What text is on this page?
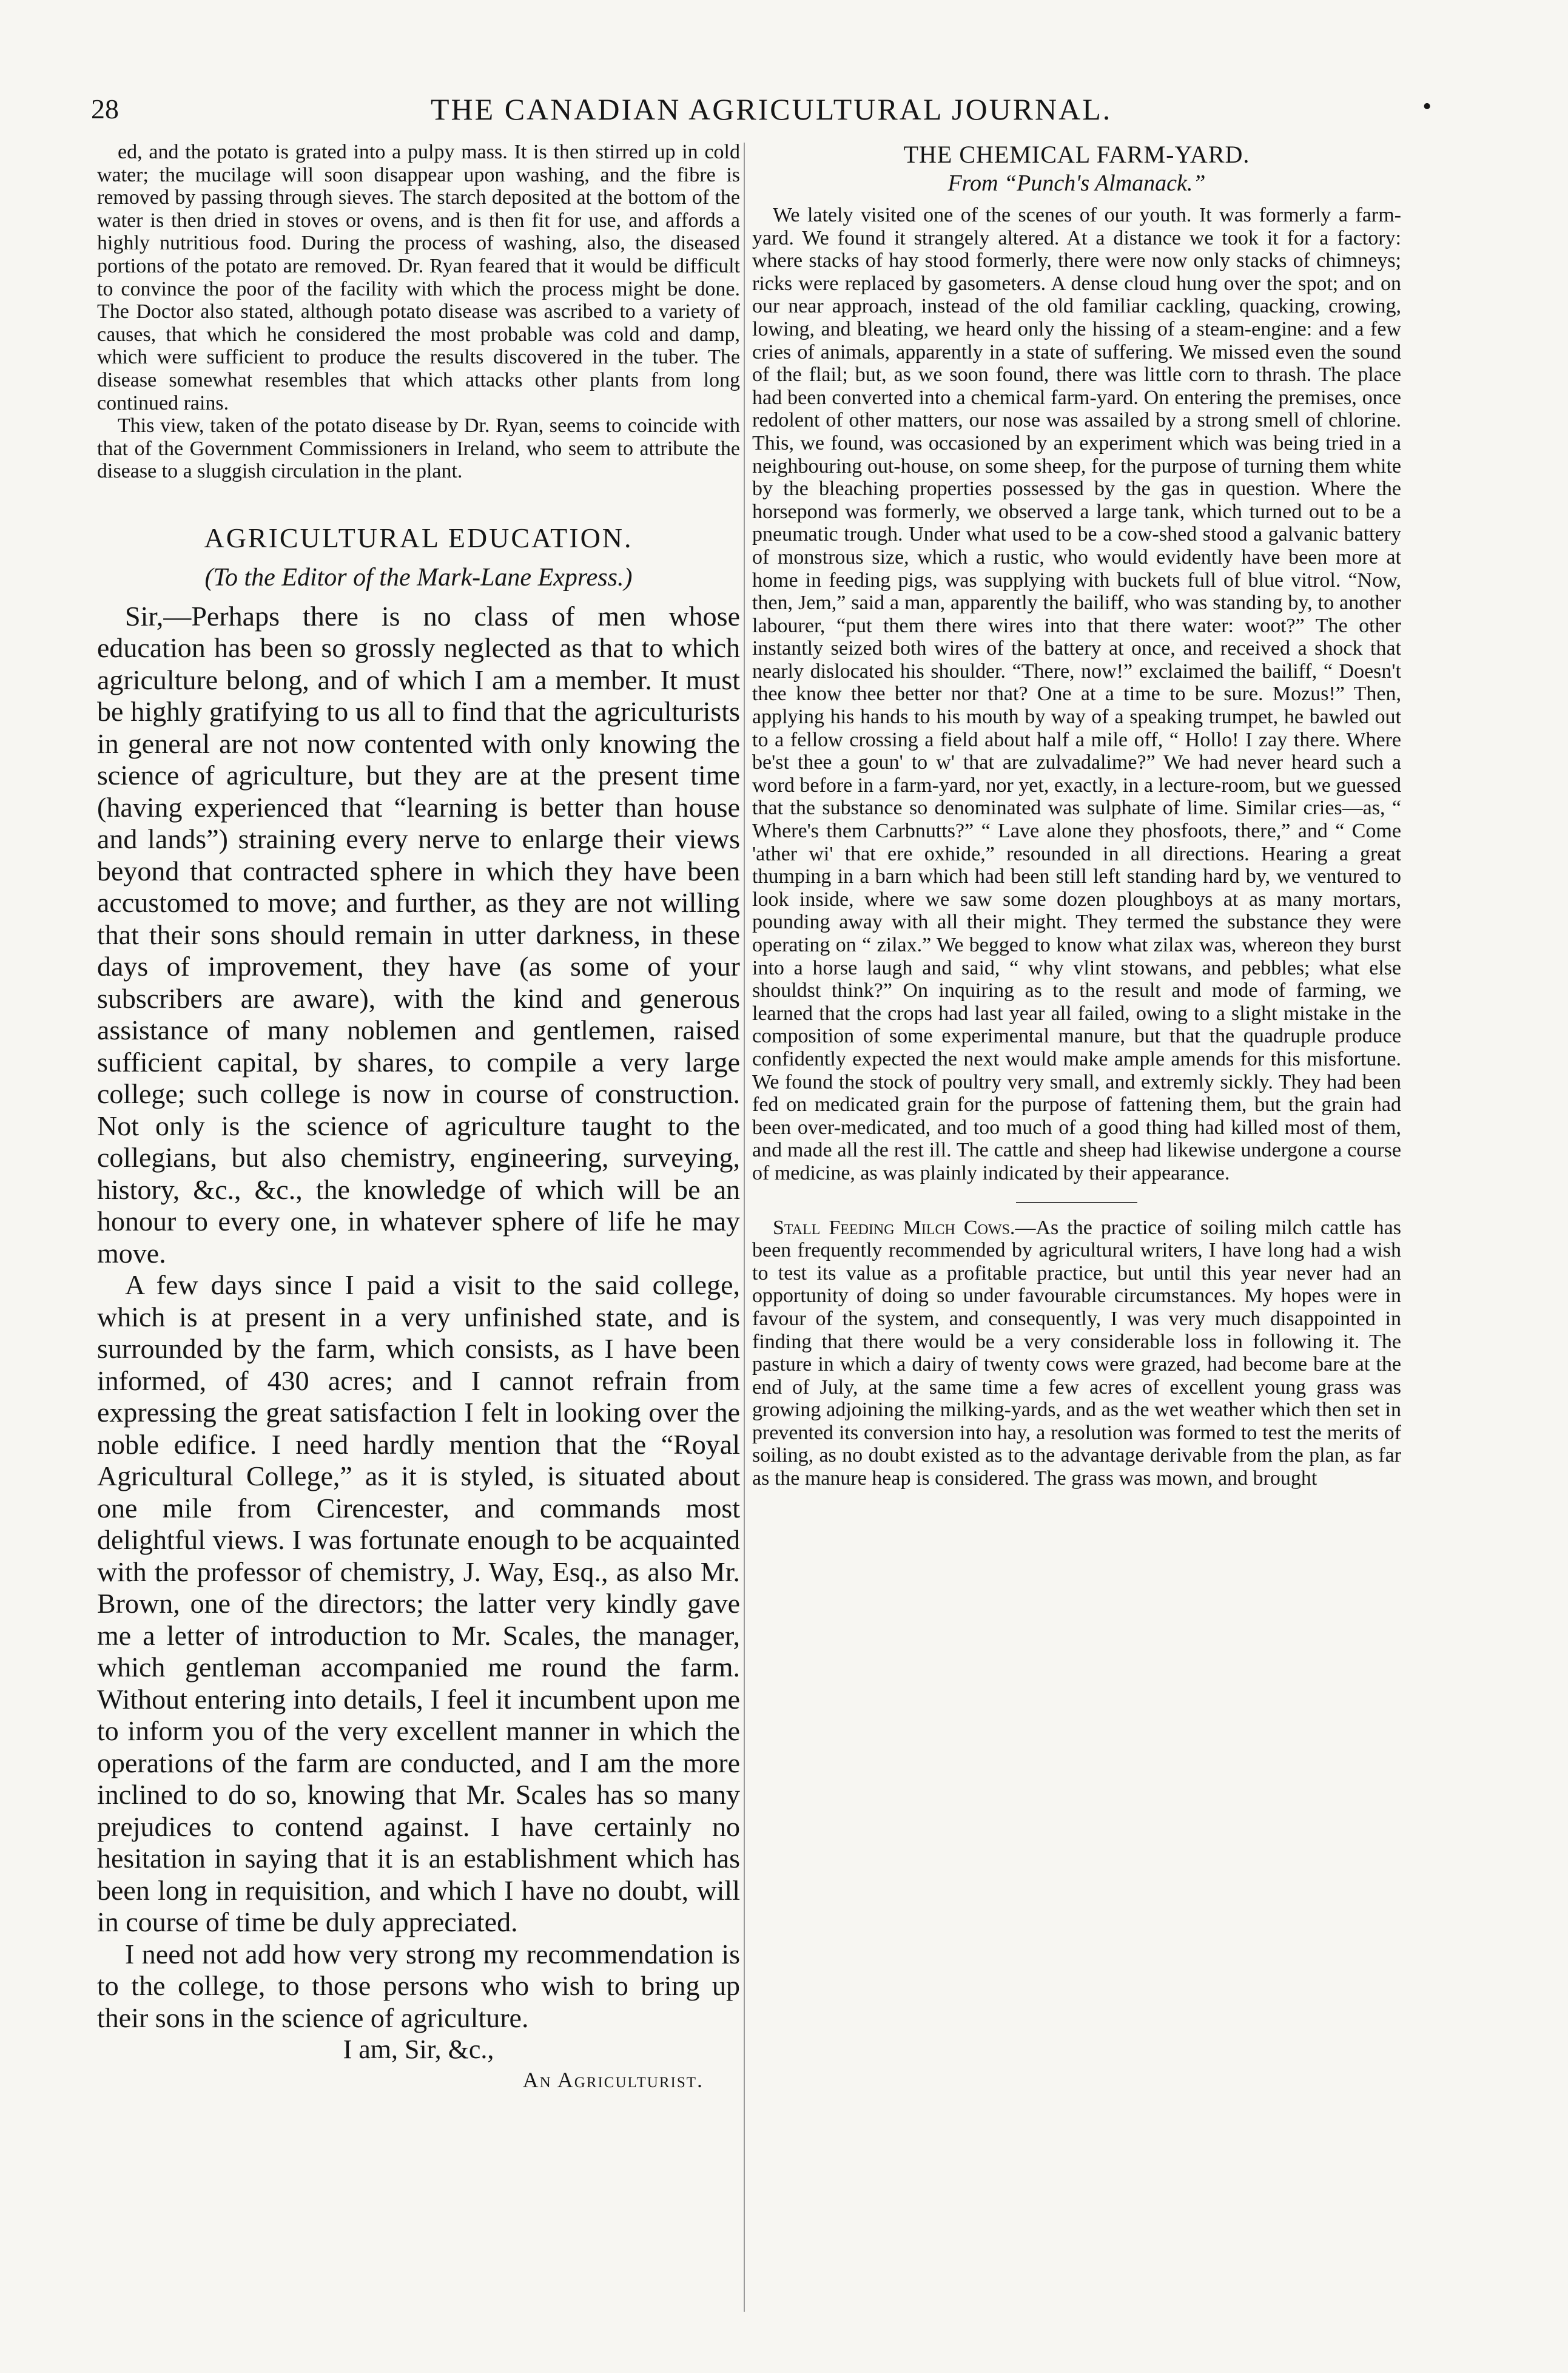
28	THE CANADIAN AGRICULTURAL JOURNAL.	•

ed, and the potato is grated into a pulpy mass. It is then stirred up in cold water; the mucilage will soon disappear upon washing, and the fibre is removed by passing through sieves. The starch deposited at the bottom of the water is then dried in stoves or ovens, and is then fit for use, and affords a highly nutritious food. During the process of washing, also, the diseased portions of the potato are removed. Dr. Ryan feared that it would be difficult to convince the poor of the facility with which the process might be done. The Doctor also stated, although potato disease was ascribed to a variety of causes, that which he considered the most probable was cold and damp, which were sufficient to produce the results discovered in the tuber. The disease somewhat resembles that which attacks other plants from long continued rains.

This view, taken of the potato disease by Dr. Ryan, seems to coincide with that of the Government Commissioners in Ireland, who seem to attribute the disease to a sluggish circulation in the plant.

AGRICULTURAL EDUCATION.
(To the Editor of the Mark-Lane Express.)

Sir,—Perhaps there is no class of men whose education has been so grossly neglected as that to which agriculture belong, and of which I am a member. It must be highly gratifying to us all to find that the agriculturists in general are not now contented with only knowing the science of agriculture, but they are at the present time (having experienced that “learning is better than house and lands”) straining every nerve to enlarge their views beyond that contracted sphere in which they have been accustomed to move; and further, as they are not willing that their sons should remain in utter darkness, in these days of improvement, they have (as some of your subscribers are aware), with the kind and generous assistance of many noblemen and gentlemen, raised sufficient capital, by shares, to compile a very large college; such college is now in course of construction. Not only is the science of agriculture taught to the collegians, but also chemistry, engineering, surveying, history, &c., &c., the knowledge of which will be an honour to every one, in whatever sphere of life he may move.

A few days since I paid a visit to the said college, which is at present in a very unfinished state, and is surrounded by the farm, which consists, as I have been informed, of 430 acres; and I cannot refrain from expressing the great satisfaction I felt in looking over the noble edifice. I need hardly mention that the “Royal Agricultural College,” as it is styled, is situated about one mile from Cirencester, and commands most delightful views. I was fortunate enough to be acquainted with the professor of chemistry, J. Way, Esq., as also Mr. Brown, one of the directors; the latter very kindly gave me a letter of introduction to Mr. Scales, the manager, which gentleman accompanied me round the farm. Without entering into details, I feel it incumbent upon me to inform you of the very excellent manner in which the operations of the farm are conducted, and I am the more inclined to do so, knowing that Mr. Scales has so many prejudices to contend against. I have certainly no hesitation in saying that it is an establishment which has been long in requisition, and which I have no doubt, will in course of time be duly appreciated.

I need not add how very strong my recommendation is to the college, to those persons who wish to bring up their sons in the science of agriculture.

I am, Sir, &c.,
An Agriculturist.
THE CHEMICAL FARM-YARD.
From “Punch's Almanack.”

We lately visited one of the scenes of our youth. It was formerly a farm-yard. We found it strangely altered. At a distance we took it for a factory: where stacks of hay stood formerly, there were now only stacks of chimneys; ricks were replaced by gasometers. A dense cloud hung over the spot; and on our near approach, instead of the old familiar cackling, quacking, crowing, lowing, and bleating, we heard only the hissing of a steam-engine: and a few cries of animals, apparently in a state of suffering. We missed even the sound of the flail; but, as we soon found, there was little corn to thrash. The place had been converted into a chemical farm-yard. On entering the premises, once redolent of other matters, our nose was assailed by a strong smell of chlorine. This, we found, was occasioned by an experiment which was being tried in a neighbouring out-house, on some sheep, for the purpose of turning them white by the bleaching properties possessed by the gas in question. Where the horsepond was formerly, we observed a large tank, which turned out to be a pneumatic trough. Under what used to be a cow-shed stood a galvanic battery of monstrous size, which a rustic, who would evidently have been more at home in feeding pigs, was supplying with buckets full of blue vitrol. “Now, then, Jem,” said a man, apparently the bailiff, who was standing by, to another labourer, “put them there wires into that there water: woot?” The other instantly seized both wires of the battery at once, and received a shock that nearly dislocated his shoulder. “There, now!” exclaimed the bailiff, “ Doesn't thee know thee better nor that? One at a time to be sure. Mozus!” Then, applying his hands to his mouth by way of a speaking trumpet, he bawled out to a fellow crossing a field about half a mile off, “ Hollo! I zay there. Where be'st thee a goun' to w' that are zulvadalime?” We had never heard such a word before in a farm-yard, nor yet, exactly, in a lecture-room, but we guessed that the substance so denominated was sulphate of lime. Similar cries—as, “ Where's them Carbnutts?” “ Lave alone they phosfoots, there,” and “ Come 'ather wi' that ere oxhide,” resounded in all directions. Hearing a great thumping in a barn which had been still left standing hard by, we ventured to look inside, where we saw some dozen ploughboys at as many mortars, pounding away with all their might. They termed the substance they were operating on “ zilax.” We begged to know what zilax was, whereon they burst into a horse laugh and said, “ why vlint stowans, and pebbles; what else shouldst think?” On inquiring as to the result and mode of farming, we learned that the crops had last year all failed, owing to a slight mistake in the composition of some experimental manure, but that the quadruple produce confidently expected the next would make ample amends for this misfortune. We found the stock of poultry very small, and extremly sickly. They had been fed on medicated grain for the purpose of fattening them, but the grain had been over-medicated, and too much of a good thing had killed most of them, and made all the rest ill. The cattle and sheep had likewise undergone a course of medicine, as was plainly indicated by their appearance.

Stall Feeding Milch Cows.—As the practice of soiling milch cattle has been frequently recommended by agricultural writers, I have long had a wish to test its value as a profitable practice, but until this year never had an opportunity of doing so under favourable circumstances. My hopes were in favour of the system, and consequently, I was very much disappointed in finding that there would be a very considerable loss in following it. The pasture in which a dairy of twenty cows were grazed, had become bare at the end of July, at the same time a few acres of excellent young grass was growing adjoining the milking-yards, and as the wet weather which then set in prevented its conversion into hay, a resolution was formed to test the merits of soiling, as no doubt existed as to the advantage derivable from the plan, as far as the manure heap is considered. The grass was mown, and brought
